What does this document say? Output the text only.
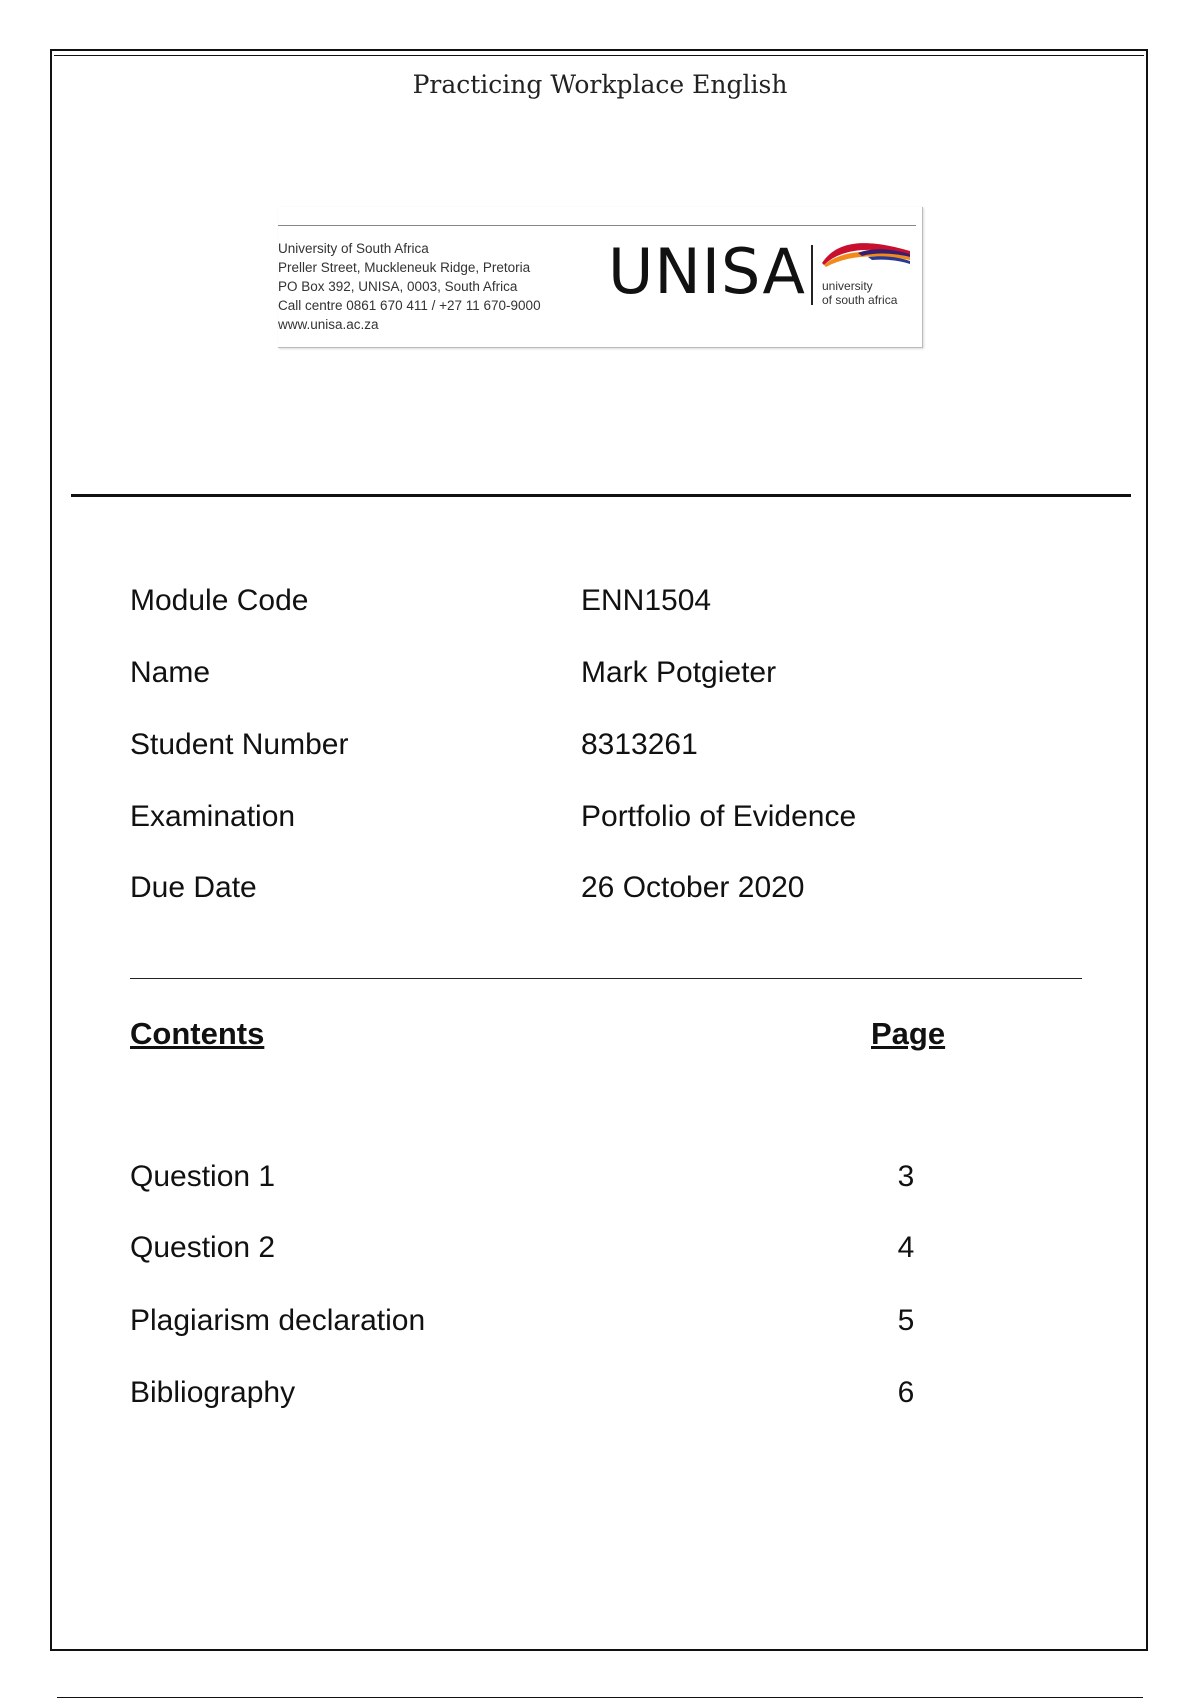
Practicing Workplace English
University of South Africa
Preller Street, Muckleneuk Ridge, Pretoria
PO Box 392, UNISA, 0003, South Africa
Call centre 0861 670 411 / +27 11 670-9000
www.unisa.ac.za
UNISA university
of south africa
Module Code	ENN1504
Name	Mark Potgieter
Student Number	8313261
Examination	Portfolio of Evidence
Due Date	26 October 2020
Contents	Page
Question 1	3
Question 2	4
Plagiarism declaration	5
Bibliography	6
